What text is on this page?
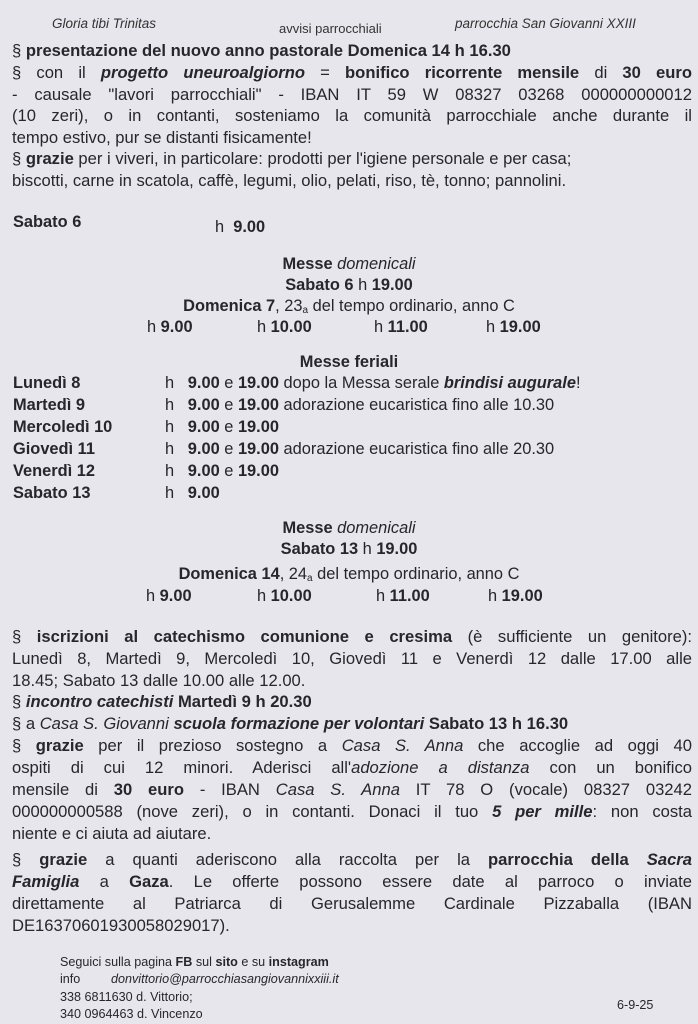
Gloria tibi Trinitas	avvisi parrocchiali	parrocchia San Giovanni XXIII
§ presentazione del nuovo anno pastorale Domenica 14 h 16.30
§ con il progetto uneuroalgiorno = bonifico ricorrente mensile di 30 euro
- causale "lavori parrocchiali" - IBAN IT 59 W 08327 03268 000000000012
(10 zeri), o in contanti, sosteniamo la comunità parrocchiale anche durante il
tempo estivo, pur se distanti fisicamente!
§ grazie per i viveri, in particolare: prodotti per l'igiene personale e per casa;
biscotti, carne in scatola, caffè, legumi, olio, pelati, riso, tè, tonno; pannolini.
Sabato 6	h 9.00
Messe domenicali
Sabato 6 h 19.00
Domenica 7, $23_a$ del tempo ordinario, anno C
h 9.00	h 10.00	h 11.00	h 19.00
Messe feriali
Lunedì 8	h 9.00 e 19.00 dopo la Messa serale brindisi augurale!
Martedì 9	h 9.00 e 19.00 adorazione eucaristica fino alle 10.30
Mercoledì 10	h 9.00 e 19.00
Giovedì 11	h 9.00 e 19.00 adorazione eucaristica fino alle 20.30
Venerdì 12	h 9.00 e 19.00
Sabato 13	h 9.00
Messe domenicali
Sabato 13 h 19.00
Domenica 14, $24_a$ del tempo ordinario, anno C
h 9.00	h 10.00	h 11.00	h 19.00
§ iscrizioni al catechismo comunione e cresima (è sufficiente un genitore):
Lunedì 8, Martedì 9, Mercoledì 10, Giovedì 11 e Venerdì 12 dalle 17.00 alle
18.45; Sabato 13 dalle 10.00 alle 12.00.
§ incontro catechisti Martedì 9 h 20.30
§ a Casa S. Giovanni scuola formazione per volontari Sabato 13 h 16.30
§ grazie per il prezioso sostegno a Casa S. Anna che accoglie ad oggi 40
ospiti di cui 12 minori. Aderisci all'adozione a distanza con un bonifico
mensile di 30 euro - IBAN Casa S. Anna IT 78 O (vocale) 08327 03242
000000000588 (nove zeri), o in contanti. Donaci il tuo 5 per mille: non costa
niente e ci aiuta ad aiutare.
§ grazie a quanti aderiscono alla raccolta per la parrocchia della Sacra
Famiglia a Gaza. Le offerte possono essere date al parroco o inviate
direttamente al Patriarca di Gerusalemme Cardinale Pizzaballa (IBAN
DE16370601930058029017).
Seguici sulla pagina FB sul sito e su instagram
info donvittorio@parrocchiasangiovannixxiii.it
338 6811630 d. Vittorio;
340 0964463 d. Vincenzo
6-9-25
